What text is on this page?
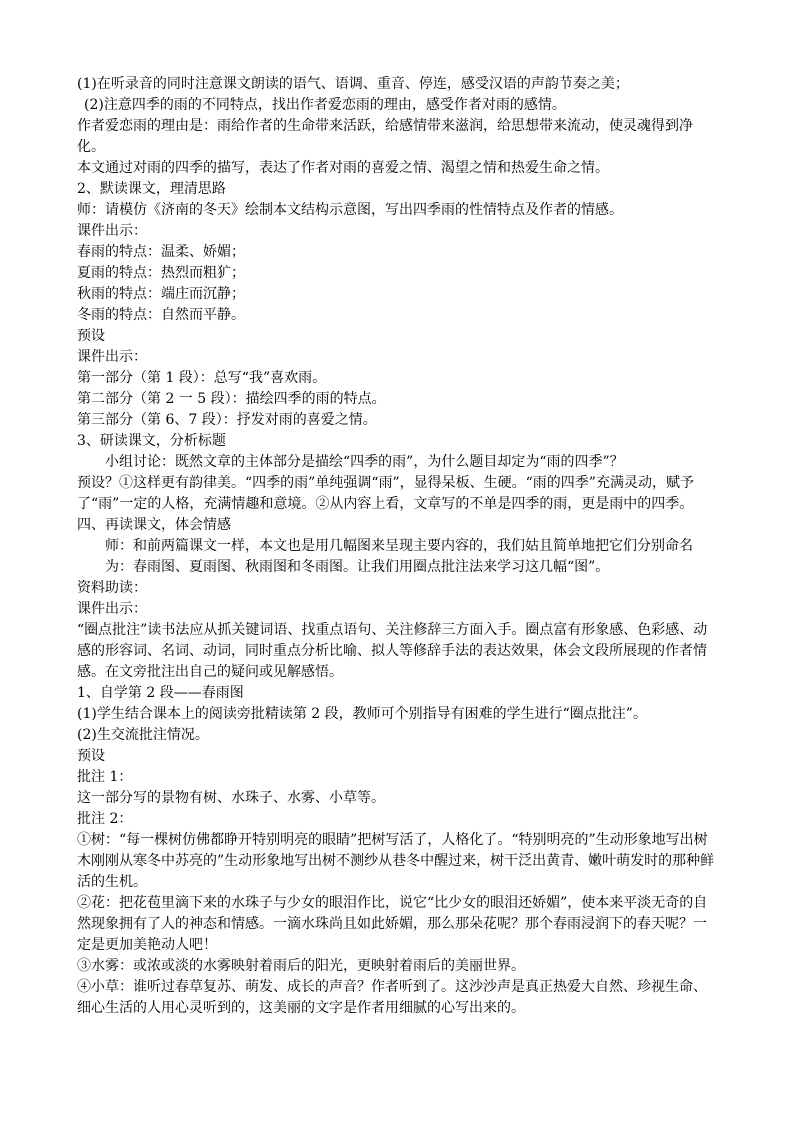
(1)在听录音的同时注意课文朗读的语气、语调、重音、停连，感受汉语的声韵节奏之美；
(2)注意四季的雨的不同特点，找出作者爱恋雨的理由，感受作者对雨的感情。
作者爱恋雨的理由是：雨给作者的生命带来活跃，给感情带来滋润，给思想带来流动，使灵魂得到净化。
本文通过对雨的四季的描写，表达了作者对雨的喜爱之情、渴望之情和热爱生命之情。
2、默读课文，理清思路
师：请模仿《济南的冬天》绘制本文结构示意图，写出四季雨的性情特点及作者的情感。
课件出示：
春雨的特点：温柔、娇媚；
夏雨的特点：热烈而粗犷；
秋雨的特点：端庄而沉静；
冬雨的特点：自然而平静。
预设
课件出示：
第一部分（第 1 段）：总写“我”喜欢雨。
第二部分（第 2 一 5 段）：描绘四季的雨的特点。
第三部分（第 6、7 段）：抒发对雨的喜爱之情。
3、研读课文，分析标题
小组讨论：既然文章的主体部分是描绘“四季的雨”，为什么题目却定为“雨的四季”？
预设？①这样更有韵律美。“四季的雨”单纯强调“雨”，显得呆板、生硬。“雨的四季”充满灵动，赋予了“雨”一定的人格，充满情趣和意境。②从内容上看，文章写的不单是四季的雨，更是雨中的四季。
四、再读课文，体会情感
师：和前两篇课文一样，本文也是用几幅图来呈现主要内容的，我们姑且简单地把它们分别命名为：春雨图、夏雨图、秋雨图和冬雨图。让我们用圈点批注法来学习这几幅“图”。
资料助读：
课件出示：
“圈点批注”读书法应从抓关键词语、找重点语句、关注修辞三方面入手。圈点富有形象感、色彩感、动感的形容词、名词、动词，同时重点分析比喻、拟人等修辞手法的表达效果，体会文段所展现的作者情感。在文旁批注出自己的疑问或见解感悟。
1、自学第 2 段——春雨图
(1)学生结合课本上的阅读旁批精读第 2 段，教师可个别指导有困难的学生进行“圈点批注”。
(2)生交流批注情况。
预设
批注 1：
这一部分写的景物有树、水珠子、水雾、小草等。
批注 2：
①树：“每一棵树仿佛都睁开特别明亮的眼睛”把树写活了，人格化了。“特别明亮的”生动形象地写出树木刚刚从寒冬中苏亮的”生动形象地写出树不测纱从巷冬中醒过来，树干泛出黄青、嫩叶萌发时的那种鲜活的生机。
②花：把花苞里滴下来的水珠子与少女的眼泪作比，说它“比少女的眼泪还娇媚”，使本来平淡无奇的自然现象拥有了人的神态和情感。一滴水珠尚且如此娇媚，那么那朵花呢？那个春雨浸润下的春天呢？一定是更加美艳动人吧！
③水雾：或浓或淡的水雾映射着雨后的阳光，更映射着雨后的美丽世界。
④小草：谁听过春草复苏、萌发、成长的声音？作者听到了。这沙沙声是真正热爱大自然、珍视生命、细心生活的人用心灵听到的，这美丽的文字是作者用细腻的心写出来的。
